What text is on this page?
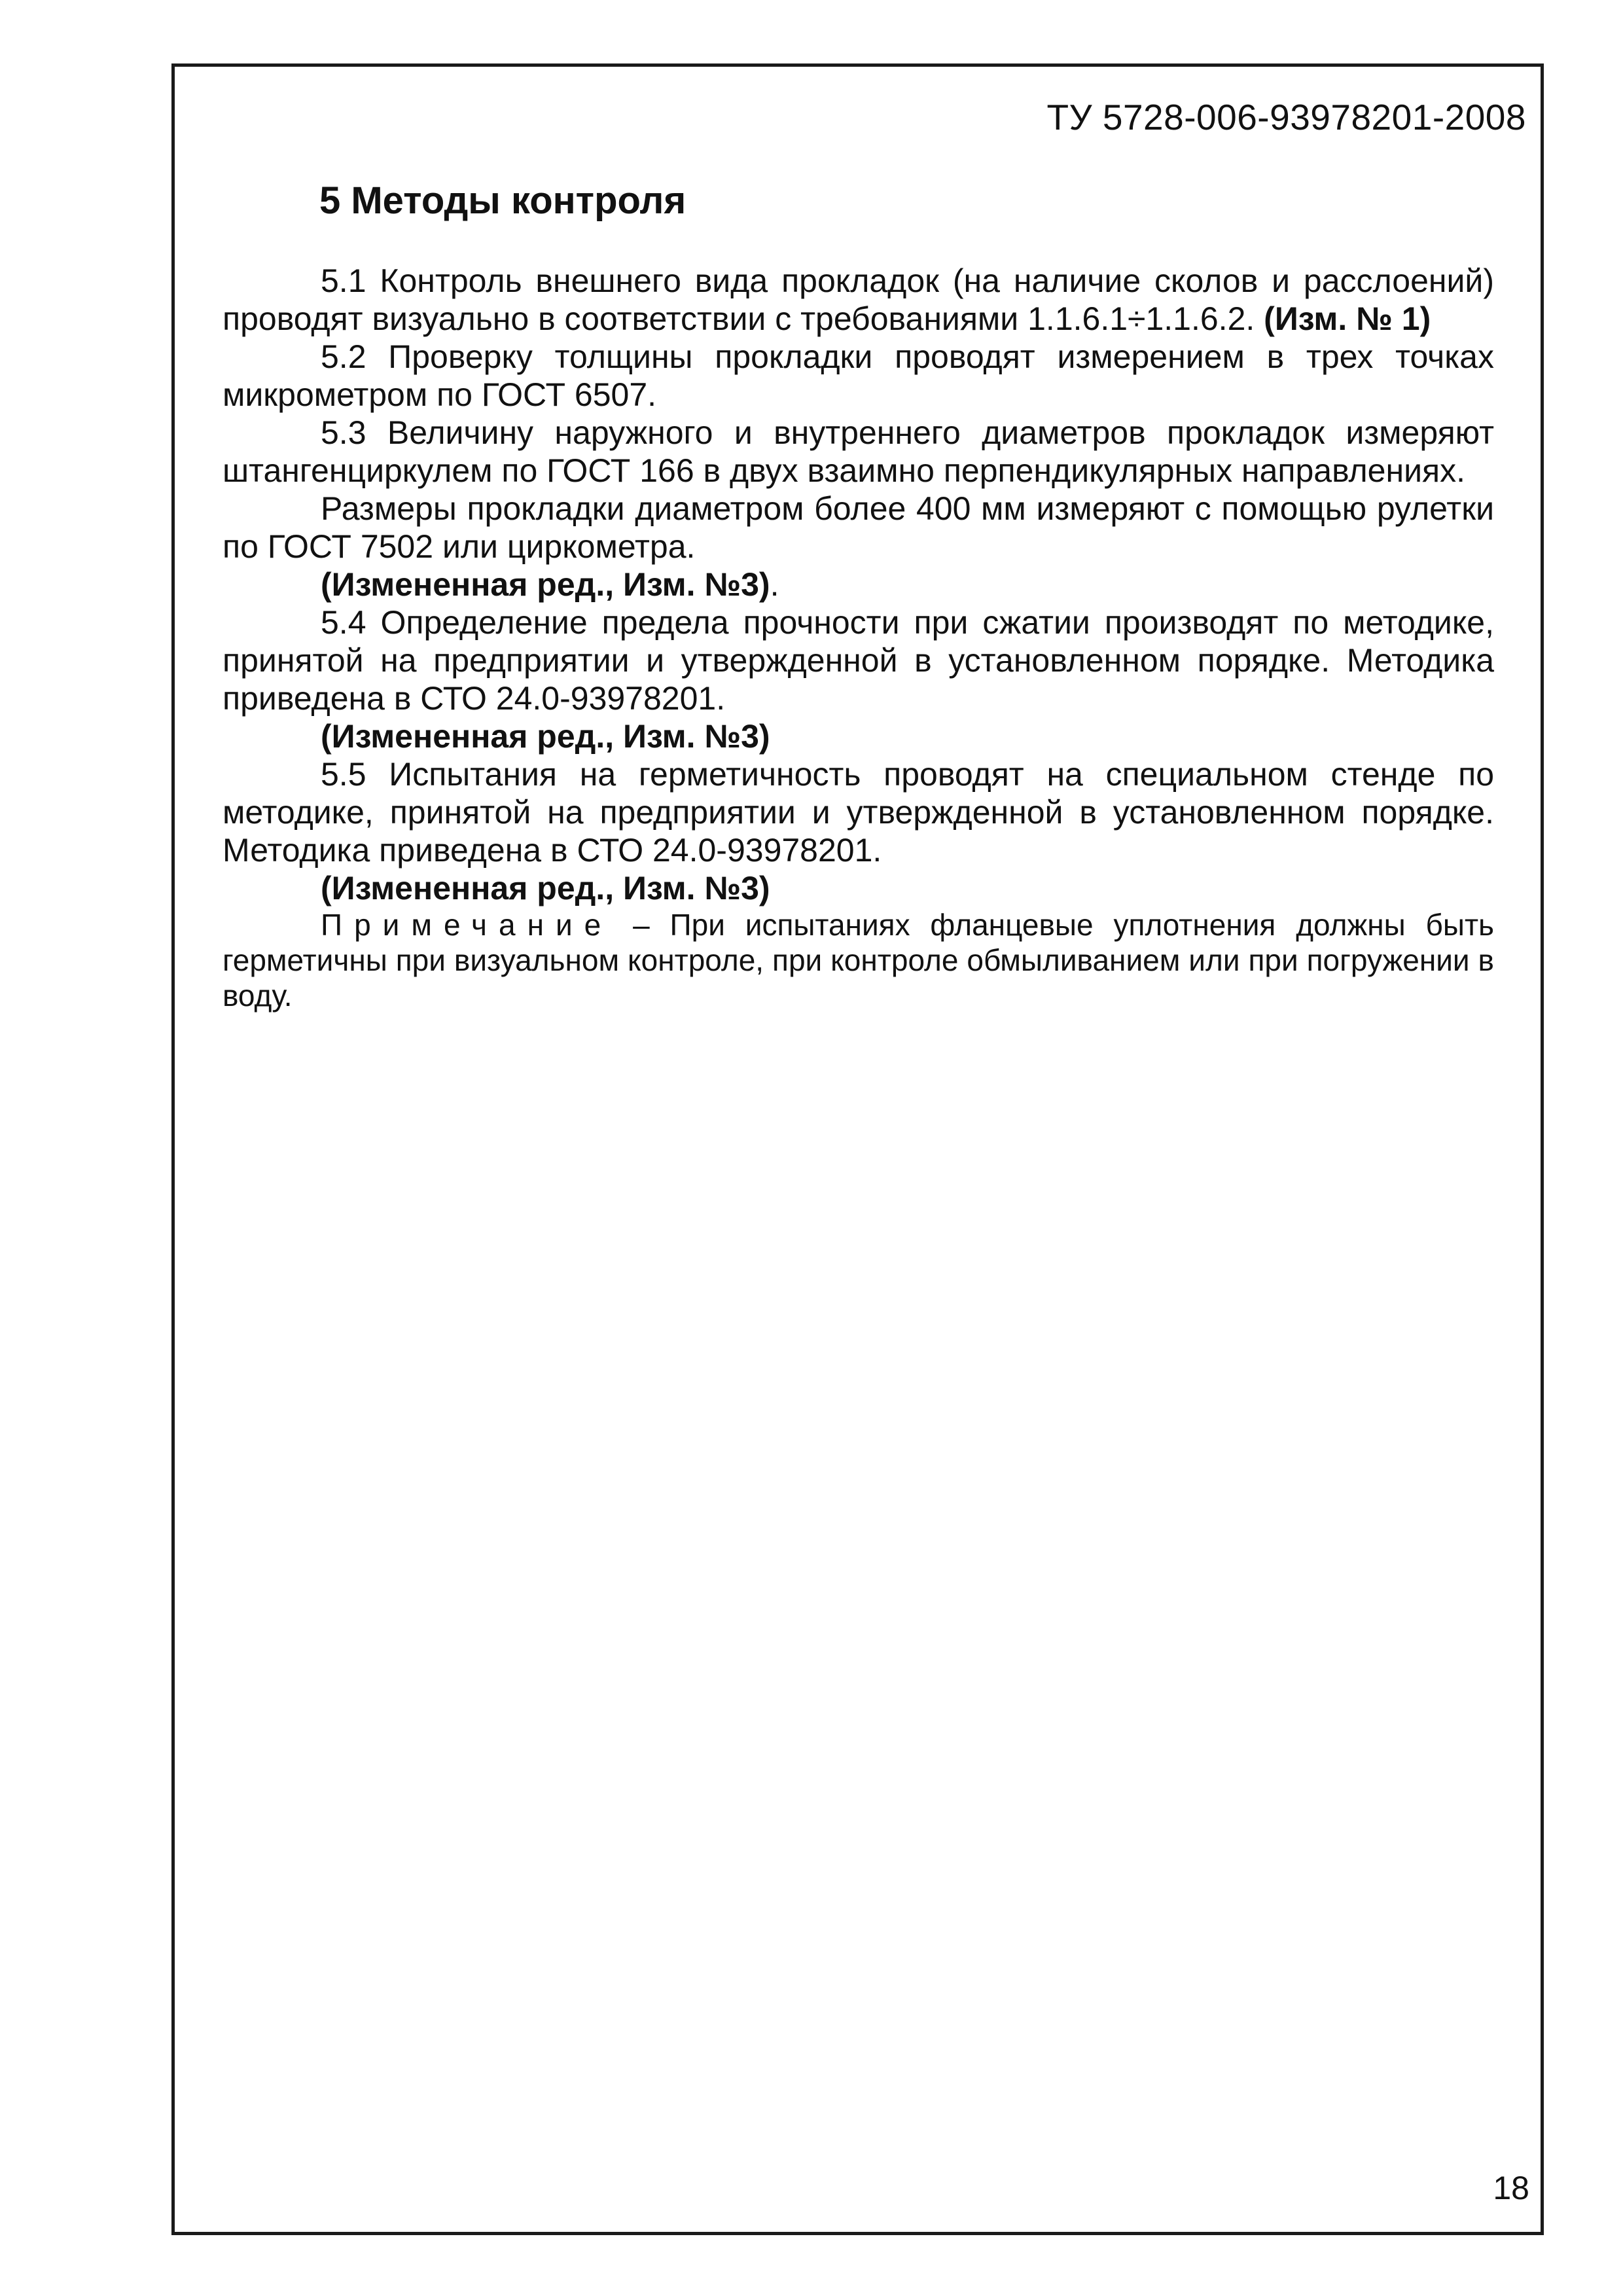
ТУ 5728-006-93978201-2008
5 Методы контроля

5.1 Контроль внешнего вида прокладок (на наличие сколов и расслоений) проводят визуально в соответствии с требованиями 1.1.6.1÷1.1.6.2. (Изм. № 1)

5.2 Проверку толщины прокладки проводят измерением в трех точках микрометром по ГОСТ 6507.

5.3 Величину наружного и внутреннего диаметров прокладок измеряют штангенциркулем по ГОСТ 166 в двух взаимно перпендикулярных направлениях.

Размеры прокладки диаметром более 400 мм измеряют с помощью рулетки по ГОСТ 7502 или циркометра.

(Измененная ред., Изм. №3).

5.4 Определение предела прочности при сжатии производят по методике, принятой на предприятии и утвержденной в установленном порядке. Методика приведена в СТО 24.0-93978201.

(Измененная ред., Изм. №3)

5.5 Испытания на герметичность проводят на специальном стенде по методике, принятой на предприятии и утвержденной в установленном порядке. Методика приведена в СТО 24.0-93978201.

(Измененная ред., Изм. №3)

Примечание – При испытаниях фланцевые уплотнения должны быть герметичны при визуальном контроле, при контроле обмыливанием или при погружении в воду.

18
